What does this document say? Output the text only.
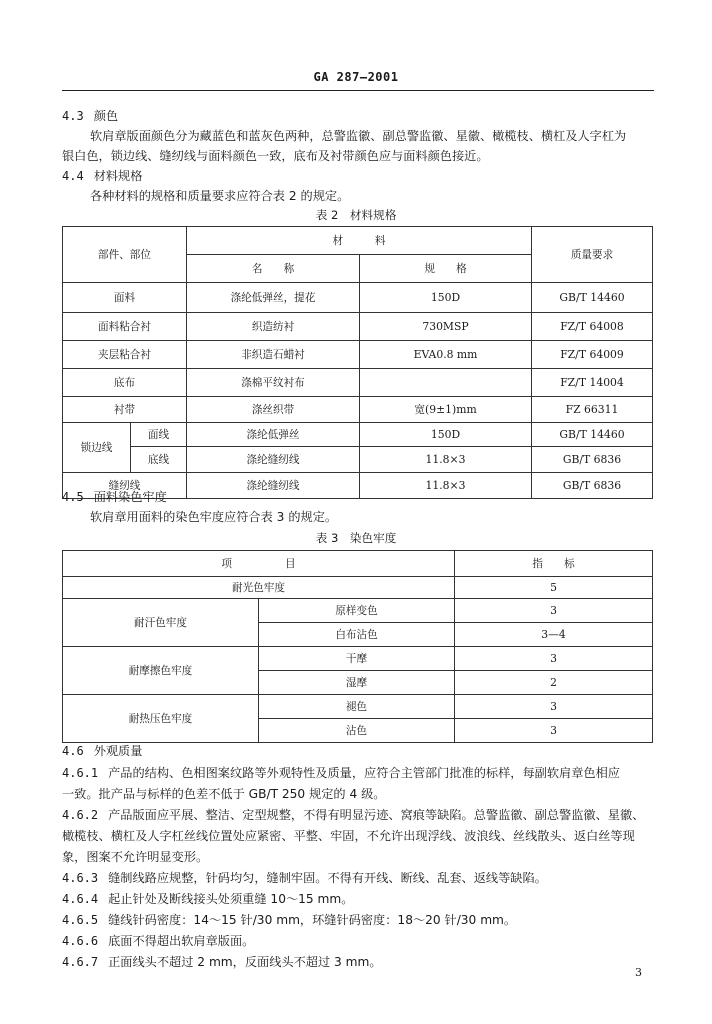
GA 287—2001
4.3 颜色
软肩章版面颜色分为藏蓝色和蓝灰色两种，总警监徽、副总警监徽、星徽、橄榄枝、横杠及人字杠为
银白色，锁边线、缝纫线与面料颜色一致，底布及衬带颜色应与面料颜色接近。
4.4 材料规格
各种材料的规格和质量要求应符合表 2 的规定。
表 2　材料规格
部件、部位		材　　　料		质量要求
		名　　称	规　　格	
面料		涤纶低弹丝，提花	150D	GB/T 14460
面料粘合衬		织造纺衬	730MSP	FZ/T 64008
夹层粘合衬		非织造石蜡衬	EVA0.8 mm	FZ/T 64009
底布		涤棉平纹衬布		FZ/T 14004
衬带		涤丝织带	宽(9±1)mm	FZ 66311
锁边线	面线	涤纶低弹丝	150D	GB/T 14460
	底线	涤纶缝纫线	11.8×3	GB/T 6836
缝纫线		涤纶缝纫线	11.8×3	GB/T 6836
4.5 面料染色牢度
软肩章用面料的染色牢度应符合表 3 的规定。
表 3　染色牢度
项　　　　　目		指　　标
耐光色牢度		5
耐汗色牢度	原样变色	3
	白布沾色	3—4
耐摩擦色牢度	干摩	3
	湿摩	2
耐热压色牢度	褪色	3
	沾色	3
4.6 外观质量
4.6.1 产品的结构、色相图案纹路等外观特性及质量，应符合主管部门批准的标样，每副软肩章色相应
一致。批产品与标样的色差不低于 GB/T 250 规定的 4 级。
4.6.2 产品版面应平展、整洁、定型规整，不得有明显污迹、窝痕等缺陷。总警监徽、副总警监徽、星徽、
橄榄枝、横杠及人字杠丝线位置处应紧密、平整、牢固，不允许出现浮线、波浪线、丝线散头、返白丝等现
象，图案不允许明显变形。
4.6.3 缝制线路应规整，针码均匀，缝制牢固。不得有开线、断线、乱套、返线等缺陷。
4.6.4 起止针处及断线接头处须重缝 10～15 mm。
4.6.5 缝线针码密度：14～15 针/30 mm，环缝针码密度：18～20 针/30 mm。
4.6.6 底面不得超出软肩章版面。
4.6.7 正面线头不超过 2 mm，反面线头不超过 3 mm。
3
